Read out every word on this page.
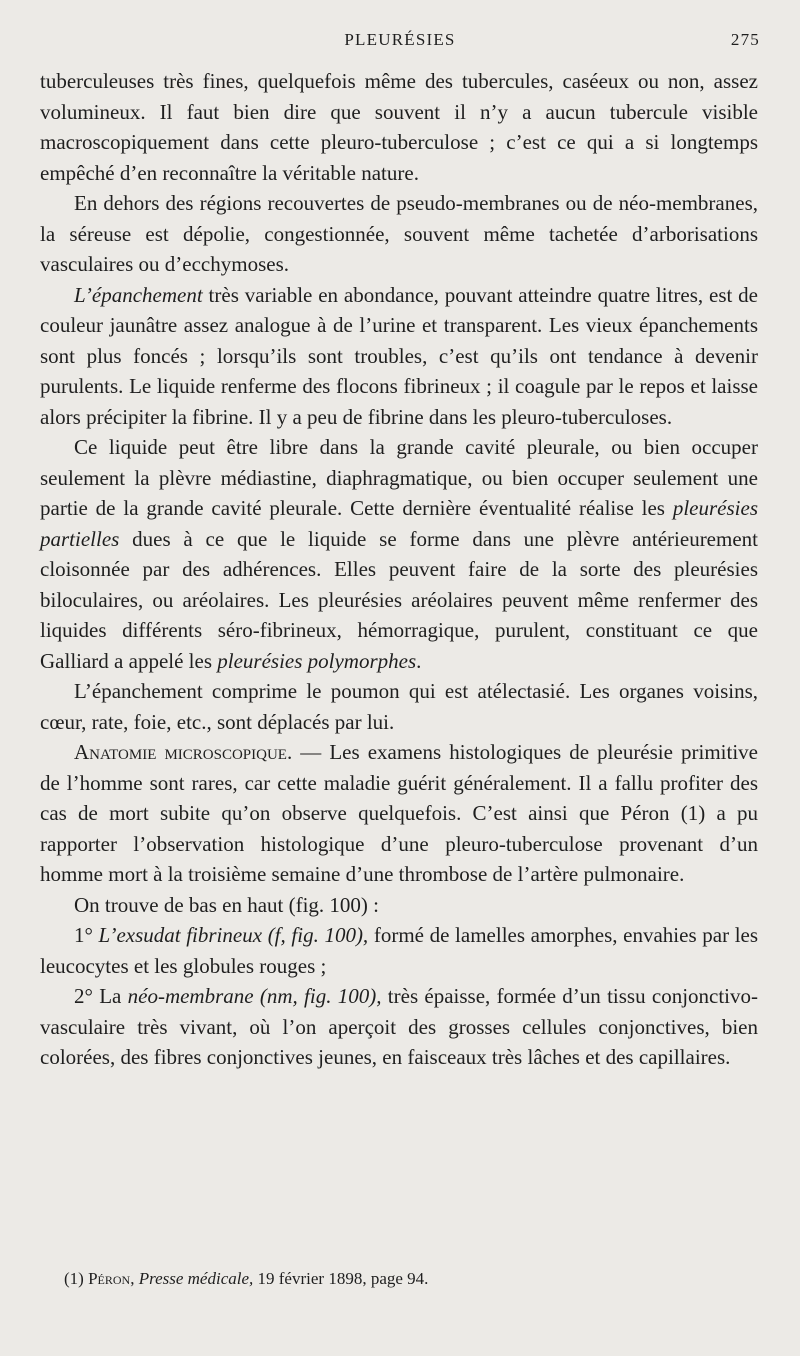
PLEURÉSIES	275

tuberculeuses très fines, quelquefois même des tubercules, caséeux ou non, assez volumineux. Il faut bien dire que souvent il n’y a aucun tubercule visible macroscopiquement dans cette pleuro-tuberculose ; c’est ce qui a si longtemps empêché d’en reconnaître la véritable nature.

En dehors des régions recouvertes de pseudo-membranes ou de néo-membranes, la séreuse est dépolie, congestionnée, souvent même tachetée d’arborisations vasculaires ou d’ecchymoses.

L’épanchement très variable en abondance, pouvant atteindre quatre litres, est de couleur jaunâtre assez analogue à de l’urine et transparent. Les vieux épanchements sont plus foncés ; lorsqu’ils sont troubles, c’est qu’ils ont tendance à devenir purulents. Le liquide renferme des flocons fibrineux ; il coagule par le repos et laisse alors précipiter la fibrine. Il y a peu de fibrine dans les pleuro-tuberculoses.

Ce liquide peut être libre dans la grande cavité pleurale, ou bien occuper seulement la plèvre médiastine, diaphragmatique, ou bien occuper seulement une partie de la grande cavité pleurale. Cette dernière éventualité réalise les pleurésies partielles dues à ce que le liquide se forme dans une plèvre antérieurement cloisonnée par des adhérences. Elles peuvent faire de la sorte des pleurésies biloculaires, ou aréolaires. Les pleurésies aréolaires peuvent même renfermer des liquides différents séro-fibrineux, hémorragique, purulent, constituant ce que Galliard a appelé les pleurésies polymorphes.

L’épanchement comprime le poumon qui est atélectasié. Les organes voisins, cœur, rate, foie, etc., sont déplacés par lui.

Anatomie microscopique. — Les examens histologiques de pleurésie primitive de l’homme sont rares, car cette maladie guérit généralement. Il a fallu profiter des cas de mort subite qu’on observe quelquefois. C’est ainsi que Péron (1) a pu rapporter l’observation histologique d’une pleuro-tuberculose provenant d’un homme mort à la troisième semaine d’une thrombose de l’artère pulmonaire.

On trouve de bas en haut (fig. 100) :

1° L’exsudat fibrineux (f, fig. 100), formé de lamelles amorphes, envahies par les leucocytes et les globules rouges ;

2° La néo-membrane (nm, fig. 100), très épaisse, formée d’un tissu conjonctivo-vasculaire très vivant, où l’on aperçoit des grosses cellules conjonctives, bien colorées, des fibres conjonctives jeunes, en faisceaux très lâches et des capillaires.

(1) Péron, Presse médicale, 19 février 1898, page 94.
